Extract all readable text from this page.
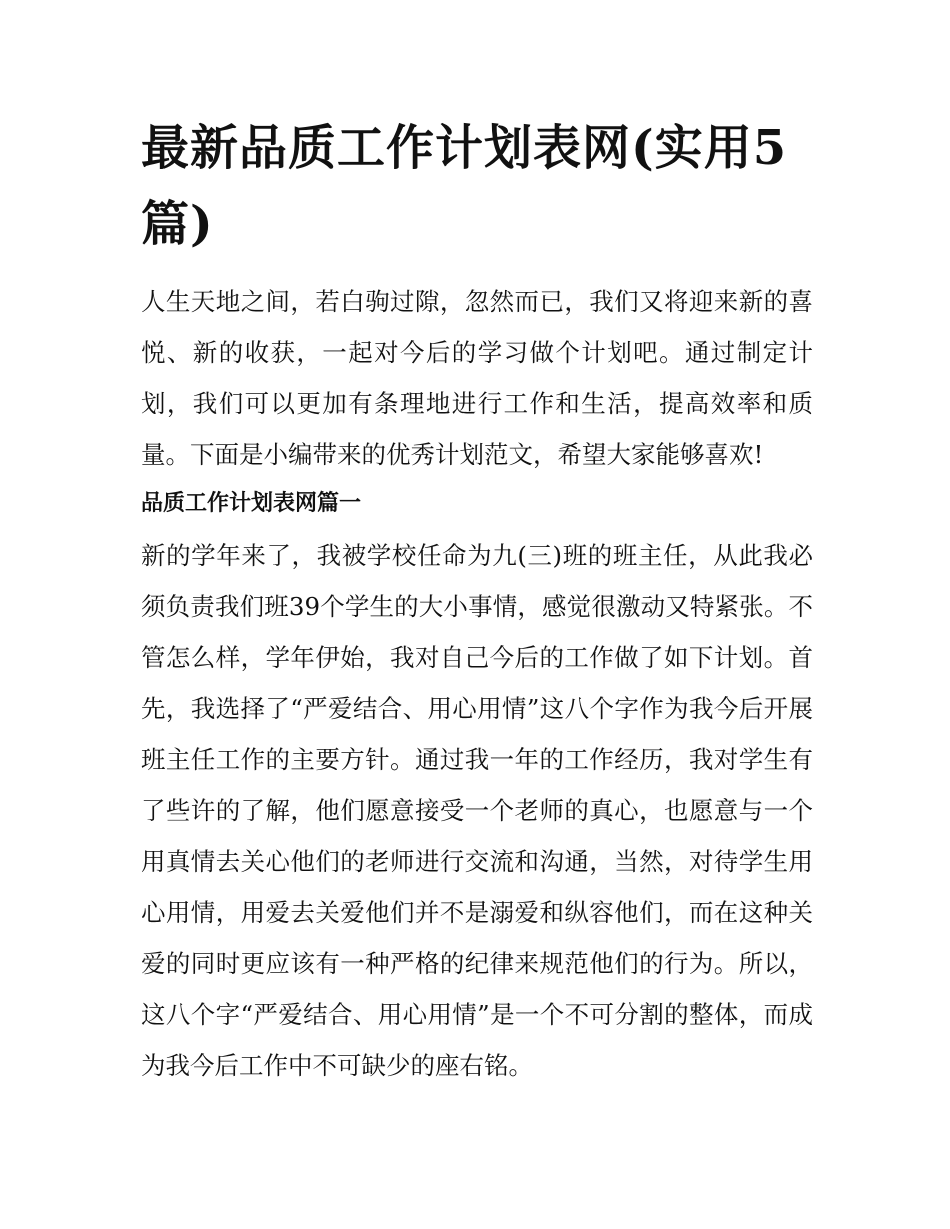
最新品质工作计划表网(实用5篇)

人生天地之间，若白驹过隙，忽然而已，我们又将迎来新的喜悦、新的收获，一起对今后的学习做个计划吧。通过制定计划，我们可以更加有条理地进行工作和生活，提高效率和质量。下面是小编带来的优秀计划范文，希望大家能够喜欢!

品质工作计划表网篇一

新的学年来了，我被学校任命为九(三)班的班主任，从此我必须负责我们班39个学生的大小事情，感觉很激动又特紧张。不管怎么样，学年伊始，我对自己今后的工作做了如下计划。首先，我选择了“严爱结合、用心用情”这八个字作为我今后开展班主任工作的主要方针。通过我一年的工作经历，我对学生有了些许的了解，他们愿意接受一个老师的真心，也愿意与一个用真情去关心他们的老师进行交流和沟通，当然，对待学生用心用情，用爱去关爱他们并不是溺爱和纵容他们，而在这种关爱的同时更应该有一种严格的纪律来规范他们的行为。所以，这八个字“严爱结合、用心用情”是一个不可分割的整体，而成为我今后工作中不可缺少的座右铭。
